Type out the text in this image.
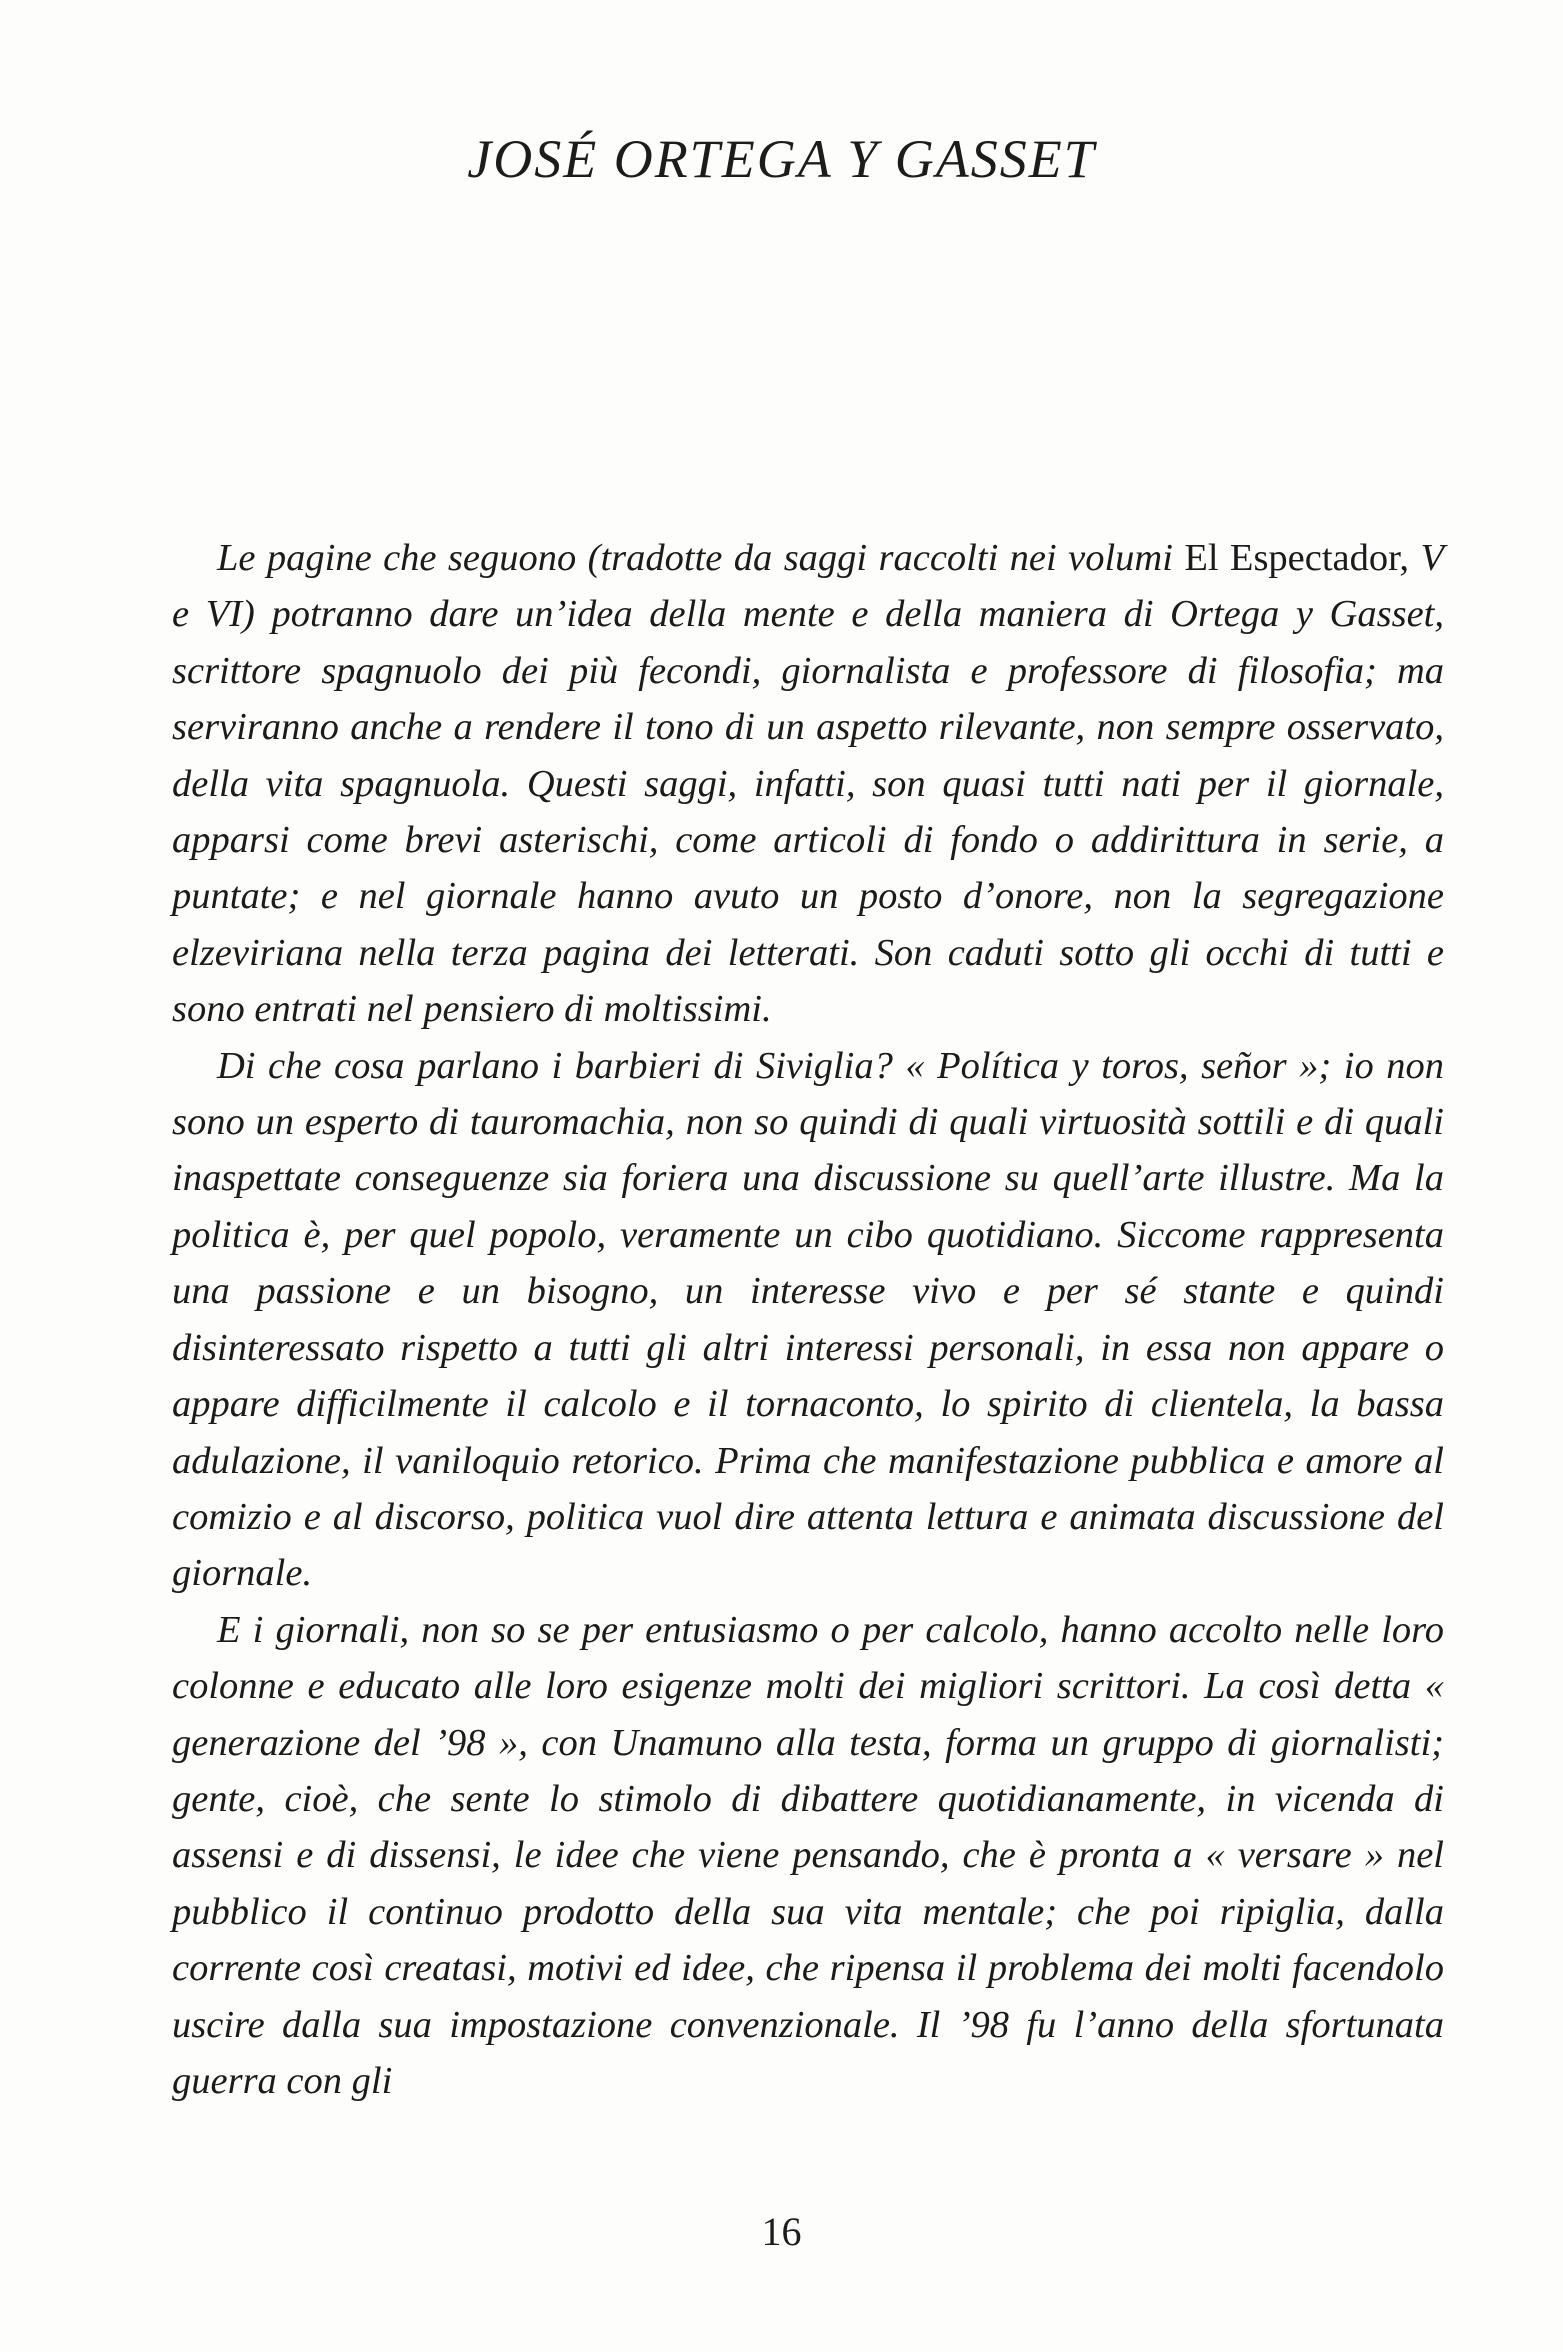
JOSÉ ORTEGA Y GASSET

Le pagine che seguono (tradotte da saggi raccolti nei volumi El Espectador, V e VI) potranno dare un’idea della mente e della maniera di Ortega y Gasset, scrittore spagnuolo dei più fecondi, giornalista e professore di filosofia; ma serviranno anche a rendere il tono di un aspetto rilevante, non sempre osservato, della vita spagnuola. Questi saggi, infatti, son quasi tutti nati per il giornale, apparsi come brevi asterischi, come articoli di fondo o addirittura in serie, a puntate; e nel giornale hanno avuto un posto d’onore, non la segregazione elzeviriana nella terza pagina dei letterati. Son caduti sotto gli occhi di tutti e sono entrati nel pensiero di moltissimi.

Di che cosa parlano i barbieri di Siviglia? « Política y toros, señor »; io non sono un esperto di tauromachia, non so quindi di quali virtuosità sottili e di quali inaspettate conseguenze sia foriera una discussione su quell’arte illustre. Ma la politica è, per quel popolo, veramente un cibo quotidiano. Siccome rappresenta una passione e un bisogno, un interesse vivo e per sé stante e quindi disinteressato rispetto a tutti gli altri interessi personali, in essa non appare o appare difficilmente il calcolo e il tornaconto, lo spirito di clientela, la bassa adulazione, il vaniloquio retorico. Prima che manifestazione pubblica e amore al comizio e al discorso, politica vuol dire attenta lettura e animata discussione del giornale.

E i giornali, non so se per entusiasmo o per calcolo, hanno accolto nelle loro colonne e educato alle loro esigenze molti dei migliori scrittori. La così detta « generazione del ’98 », con Unamuno alla testa, forma un gruppo di giornalisti; gente, cioè, che sente lo stimolo di dibattere quotidianamente, in vicenda di assensi e di dissensi, le idee che viene pensando, che è pronta a « versare » nel pubblico il continuo prodotto della sua vita mentale; che poi ripiglia, dalla corrente così creatasi, motivi ed idee, che ripensa il problema dei molti facendolo uscire dalla sua impostazione convenzionale. Il ’98 fu l’anno della sfortunata guerra con gli

16
